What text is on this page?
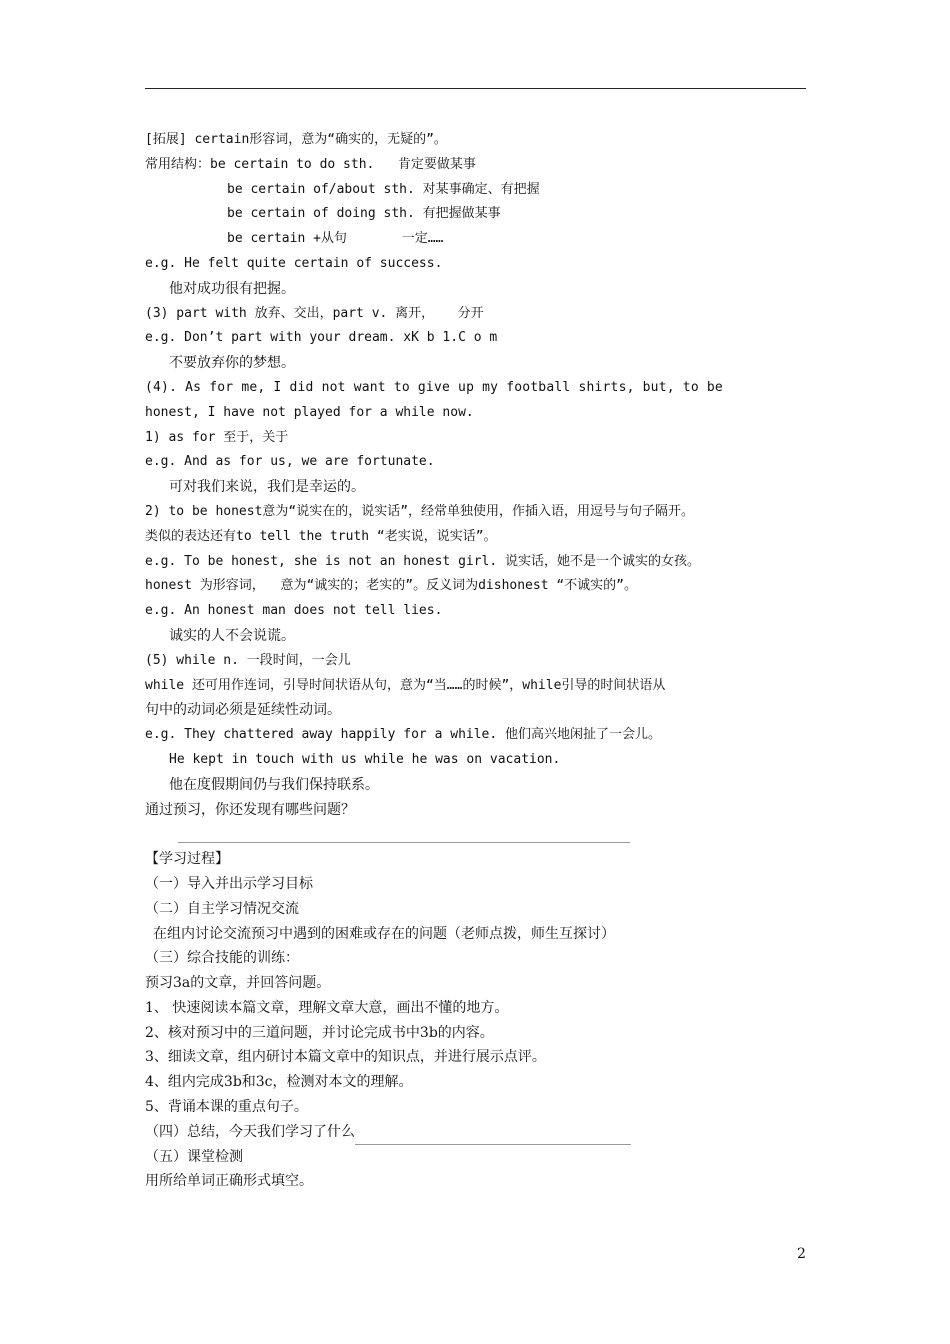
[拓展] certain形容词，意为“确实的，无疑的”。
常用结构：be certain to do sth.   肯定要做某事
be certain of/about sth. 对某事确定、有把握
be certain of doing sth. 有把握做某事
be certain +从句       一定……
e.g. He felt quite certain of success.
他对成功很有把握。
(3) part with 放弃、交出，part v. 离开，   分开
e.g. Don’t part with your dream. xK b 1.C o m
不要放弃你的梦想。
(4). As for me, I did not want to give up my football shirts, but, to be
honest, I have not played for a while now.
1) as for 至于，关于
e.g. And as for us, we are fortunate.
可对我们来说，我们是幸运的。
2) to be honest意为“说实在的，说实话”，经常单独使用，作插入语，用逗号与句子隔开。
类似的表达还有to tell the truth “老实说，说实话”。
e.g. To be honest, she is not an honest girl. 说实话，她不是一个诚实的女孩。
honest 为形容词，  意为“诚实的；老实的”。反义词为dishonest “不诚实的”。
e.g. An honest man does not tell lies.
诚实的人不会说谎。
(5) while n. 一段时间，一会儿
while 还可用作连词，引导时间状语从句，意为“当……的时候”，while引导的时间状语从
句中的动词必须是延续性动词。
e.g. They chattered away happily for a while. 他们高兴地闲扯了一会儿。
He kept in touch with us while he was on vacation.
他在度假期间仍与我们保持联系。
通过预习，你还发现有哪些问题？

【学习过程】
（一）导入并出示学习目标
（二）自主学习情况交流
在组内讨论交流预习中遇到的困难或存在的问题（老师点拨，师生互探讨）
（三）综合技能的训练：
预习3a的文章，并回答问题。
1、 快速阅读本篇文章，理解文章大意，画出不懂的地方。
2、核对预习中的三道问题，并讨论完成书中3b的内容。
3、细读文章，组内研讨本篇文章中的知识点，并进行展示点评。
4、组内完成3b和3c，检测对本文的理解。
5、背诵本课的重点句子。
（四）总结，今天我们学习了什么
（五）课堂检测
用所给单词正确形式填空。
2
